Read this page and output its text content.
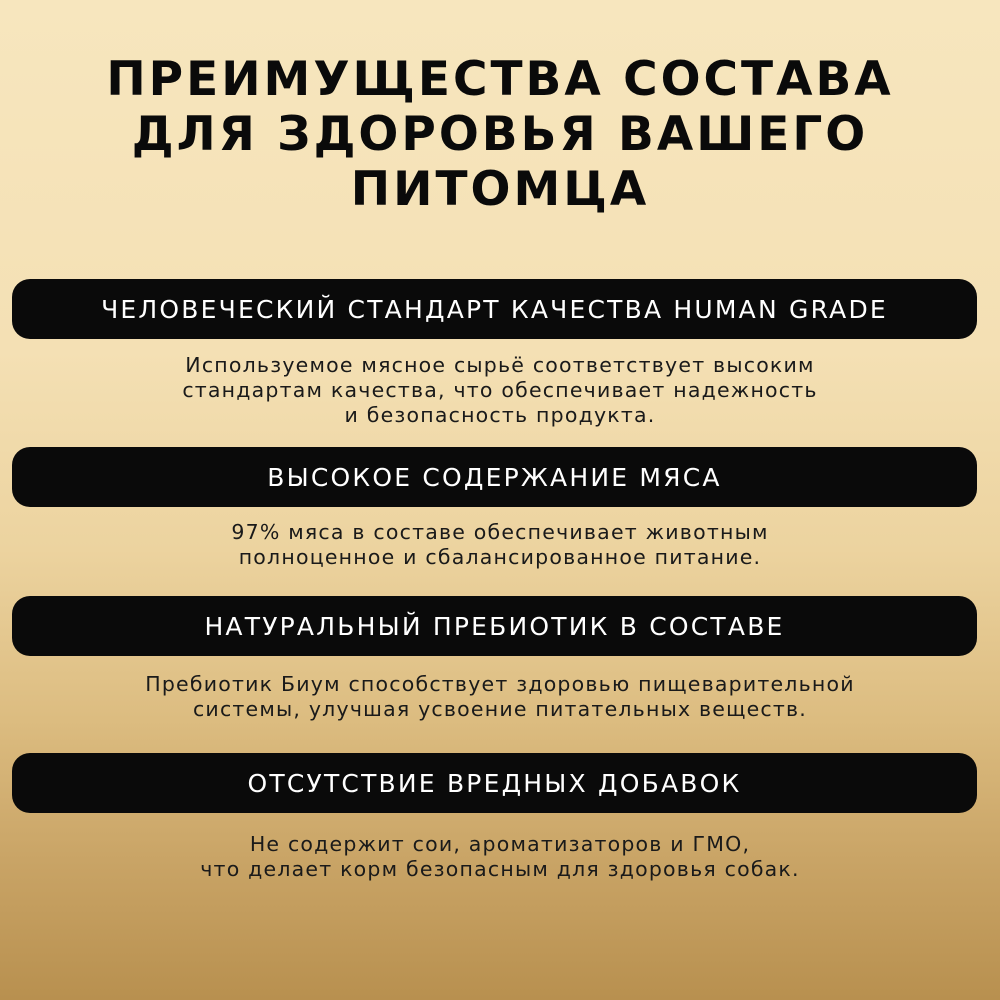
ПРЕИМУЩЕСТВА СОСТАВА
ДЛЯ ЗДОРОВЬЯ ВАШЕГО
ПИТОМЦА
ЧЕЛОВЕЧЕСКИЙ СТАНДАРТ КАЧЕСТВА HUMAN GRADE

Используемое мясное сырьё соответствует высоким
стандартам качества, что обеспечивает надежность
и безопасность продукта.

ВЫСОКОЕ СОДЕРЖАНИЕ МЯСА

97% мяса в составе обеспечивает животным
полноценное и сбалансированное питание.

НАТУРАЛЬНЫЙ ПРЕБИОТИК В СОСТАВЕ

Пребиотик Биум способствует здоровью пищеварительной
системы, улучшая усвоение питательных веществ.

ОТСУТСТВИЕ ВРЕДНЫХ ДОБАВОК

Не содержит сои, ароматизаторов и ГМО,
что делает корм безопасным для здоровья собак.
